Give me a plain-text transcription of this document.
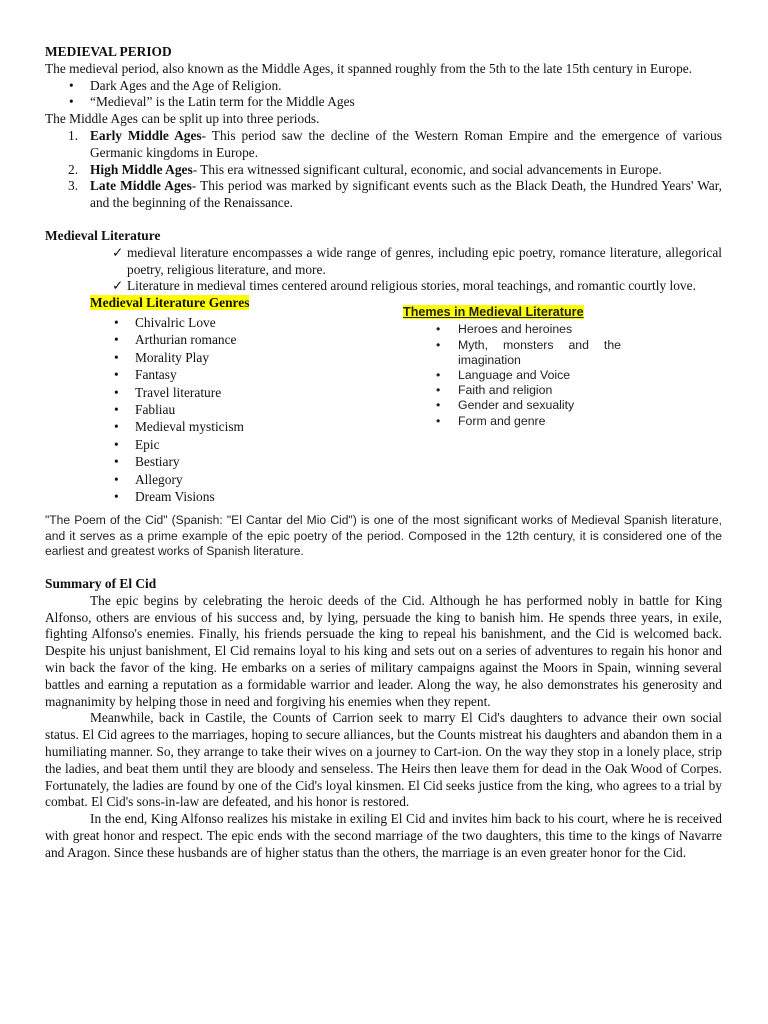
MEDIEVAL PERIOD

The medieval period, also known as the Middle Ages, it spanned roughly from the 5th to the late 15th century in Europe.

• Dark Ages and the Age of Religion.
• “Medieval” is the Latin term for the Middle Ages

The Middle Ages can be split up into three periods.

1. Early Middle Ages- This period saw the decline of the Western Roman Empire and the emergence of various Germanic kingdoms in Europe.
2. High Middle Ages- This era witnessed significant cultural, economic, and social advancements in Europe.
3. Late Middle Ages- This period was marked by significant events such as the Black Death, the Hundred Years' War, and the beginning of the Renaissance.

Medieval Literature

✓ medieval literature encompasses a wide range of genres, including epic poetry, romance literature, allegorical poetry, religious literature, and more.
✓ Literature in medieval times centered around religious stories, moral teachings, and romantic courtly love.
Medieval Literature Genres
• Chivalric Love
• Arthurian romance
• Morality Play
• Fantasy
• Travel literature
• Fabliau
• Medieval mysticism
• Epic
• Bestiary
• Allegory
• Dream Visions
Themes in Medieval Literature
• Heroes and heroines
• Myth, monsters and the imagination
• Language and Voice
• Faith and religion
• Gender and sexuality
• Form and genre

"The Poem of the Cid" (Spanish: "El Cantar del Mio Cid") is one of the most significant works of Medieval Spanish literature, and it serves as a prime example of the epic poetry of the period. Composed in the 12th century, it is considered one of the earliest and greatest works of Spanish literature.

Summary of El Cid

The epic begins by celebrating the heroic deeds of the Cid. Although he has performed nobly in battle for King Alfonso, others are envious of his success and, by lying, persuade the king to banish him. He spends three years, in exile, fighting Alfonso's enemies. Finally, his friends persuade the king to repeal his banishment, and the Cid is welcomed back. Despite his unjust banishment, El Cid remains loyal to his king and sets out on a series of adventures to regain his honor and win back the favor of the king. He embarks on a series of military campaigns against the Moors in Spain, winning several battles and earning a reputation as a formidable warrior and leader. Along the way, he also demonstrates his generosity and magnanimity by helping those in need and forgiving his enemies when they repent.

Meanwhile, back in Castile, the Counts of Carrion seek to marry El Cid's daughters to advance their own social status. El Cid agrees to the marriages, hoping to secure alliances, but the Counts mistreat his daughters and abandon them in a humiliating manner. So, they arrange to take their wives on a journey to Cart-ion. On the way they stop in a lonely place, strip the ladies, and beat them until they are bloody and senseless. The Heirs then leave them for dead in the Oak Wood of Corpes. Fortunately, the ladies are found by one of the Cid's loyal kinsmen. El Cid seeks justice from the king, who agrees to a trial by combat. El Cid's sons-in-law are defeated, and his honor is restored.

In the end, King Alfonso realizes his mistake in exiling El Cid and invites him back to his court, where he is received with great honor and respect. The epic ends with the second marriage of the two daughters, this time to the kings of Navarre and Aragon. Since these husbands are of higher status than the others, the marriage is an even greater honor for the Cid.
